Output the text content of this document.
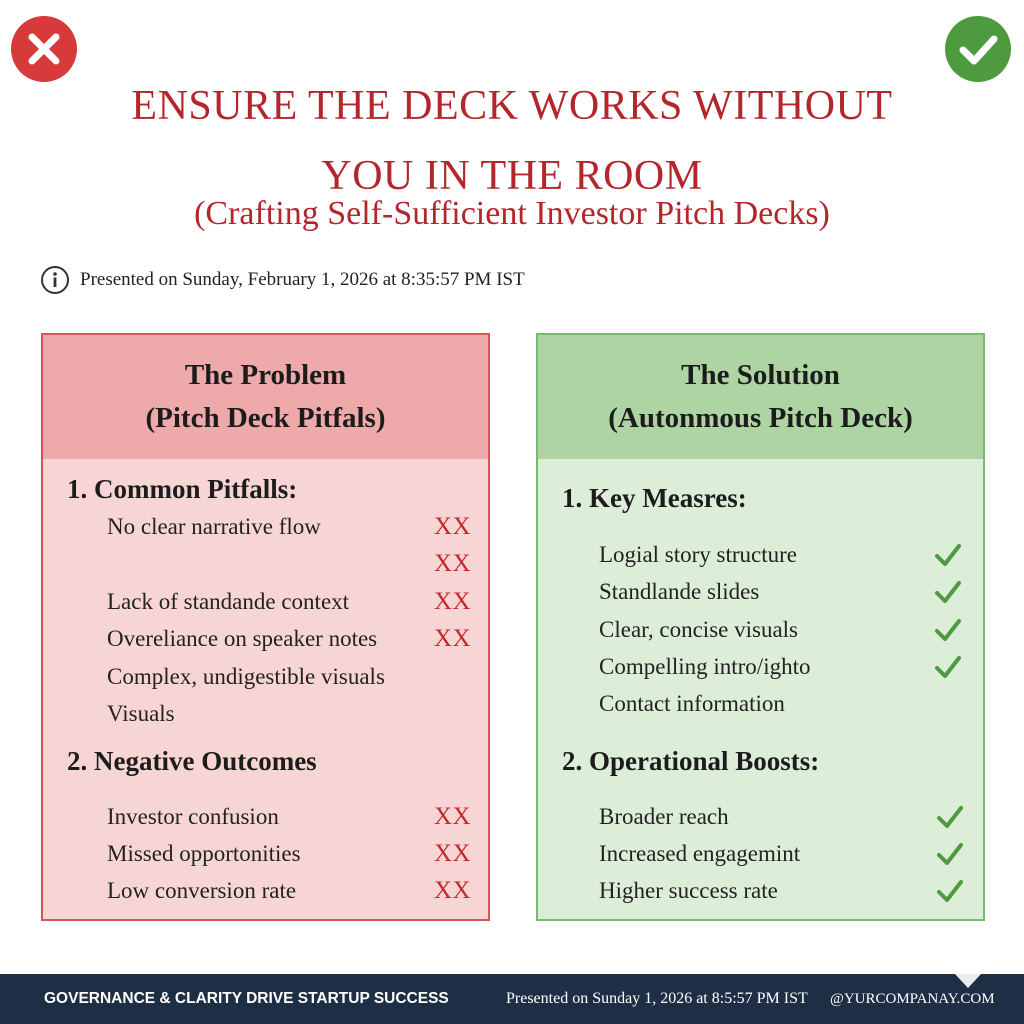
ENSURE THE DECK WORKS WITHOUT
YOU IN THE ROOM
(Crafting Self-Sufficient Investor Pitch Decks)
Presented on Sunday, February 1, 2026 at 8:35:57 PM IST
The Problem
(Pitch Deck Pitfals)
1. Common Pitfalls:
No clear narrative flow
Lack of standande context
Overeliance on speaker notes
Complex, undigestible visuals
Visuals
XX
XX
XX
XX
2. Negative Outcomes
Investor confusion
Missed opportonities
Low conversion rate
XX
XX
XX
The Solution
(Autonmous Pitch Deck)
1. Key Measres:
Logial story structure
Standlande slides
Clear, concise visuals
Compelling intro/ighto
Contact information
2. Operational Boosts:
Broader reach
Increased engagemint
Higher success rate
GOVERNANCE & CLARITY DRIVE STARTUP SUCCESS	Presented on Sunday 1, 2026 at 8:5:57 PM IST @YURCOMPANAY.COM
